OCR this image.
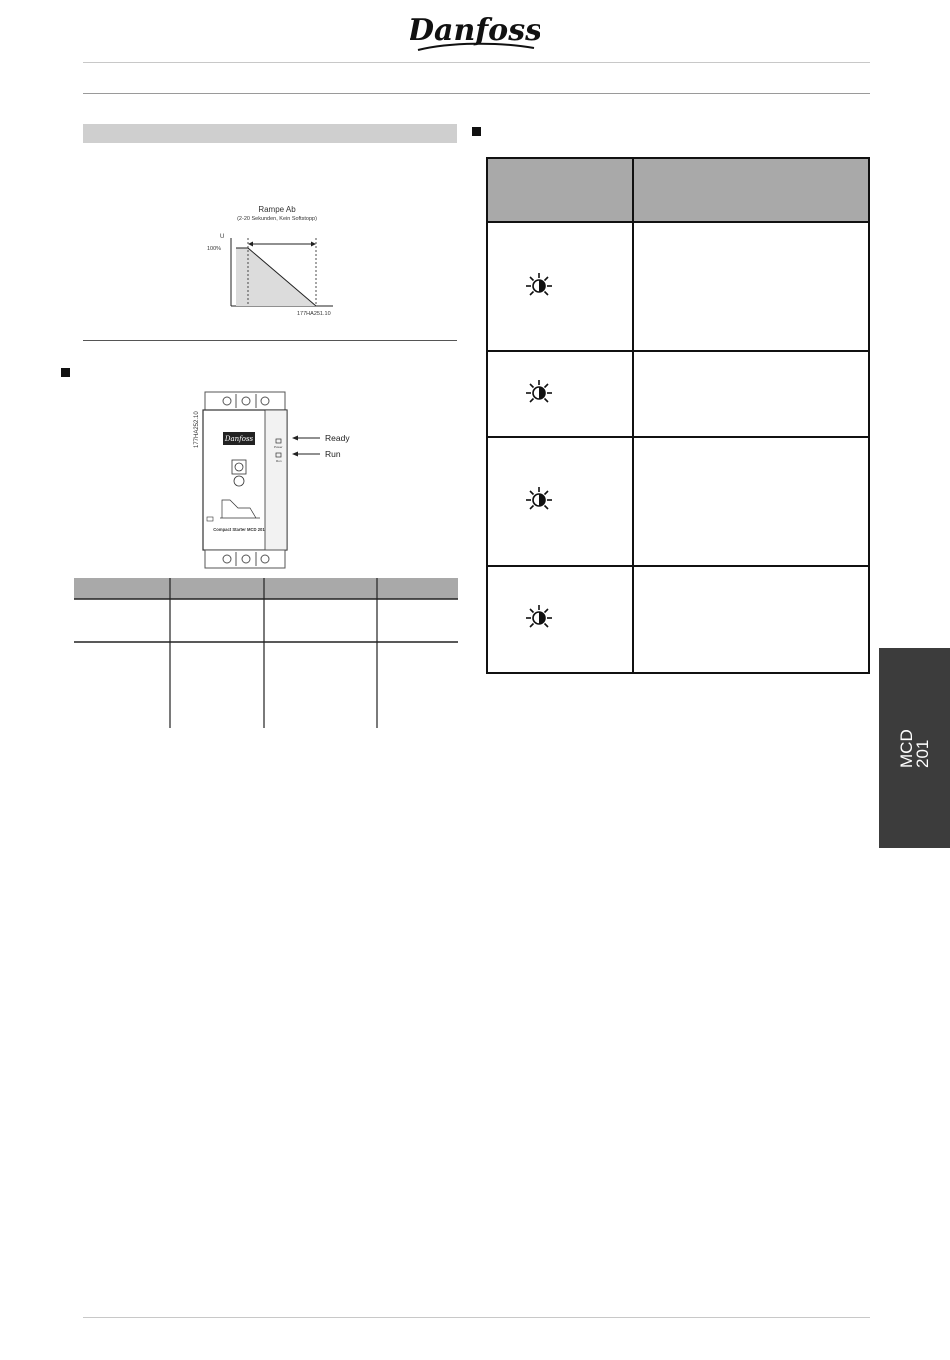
Danfoss
Rampe Ab
(2-20 Sekunden, Kein Softstopp)
U
100%
177HA251.10
177HA252.10	Danfoss
Power
Run
Compact Starter MCD 201
Ready
Run
MCD
201
